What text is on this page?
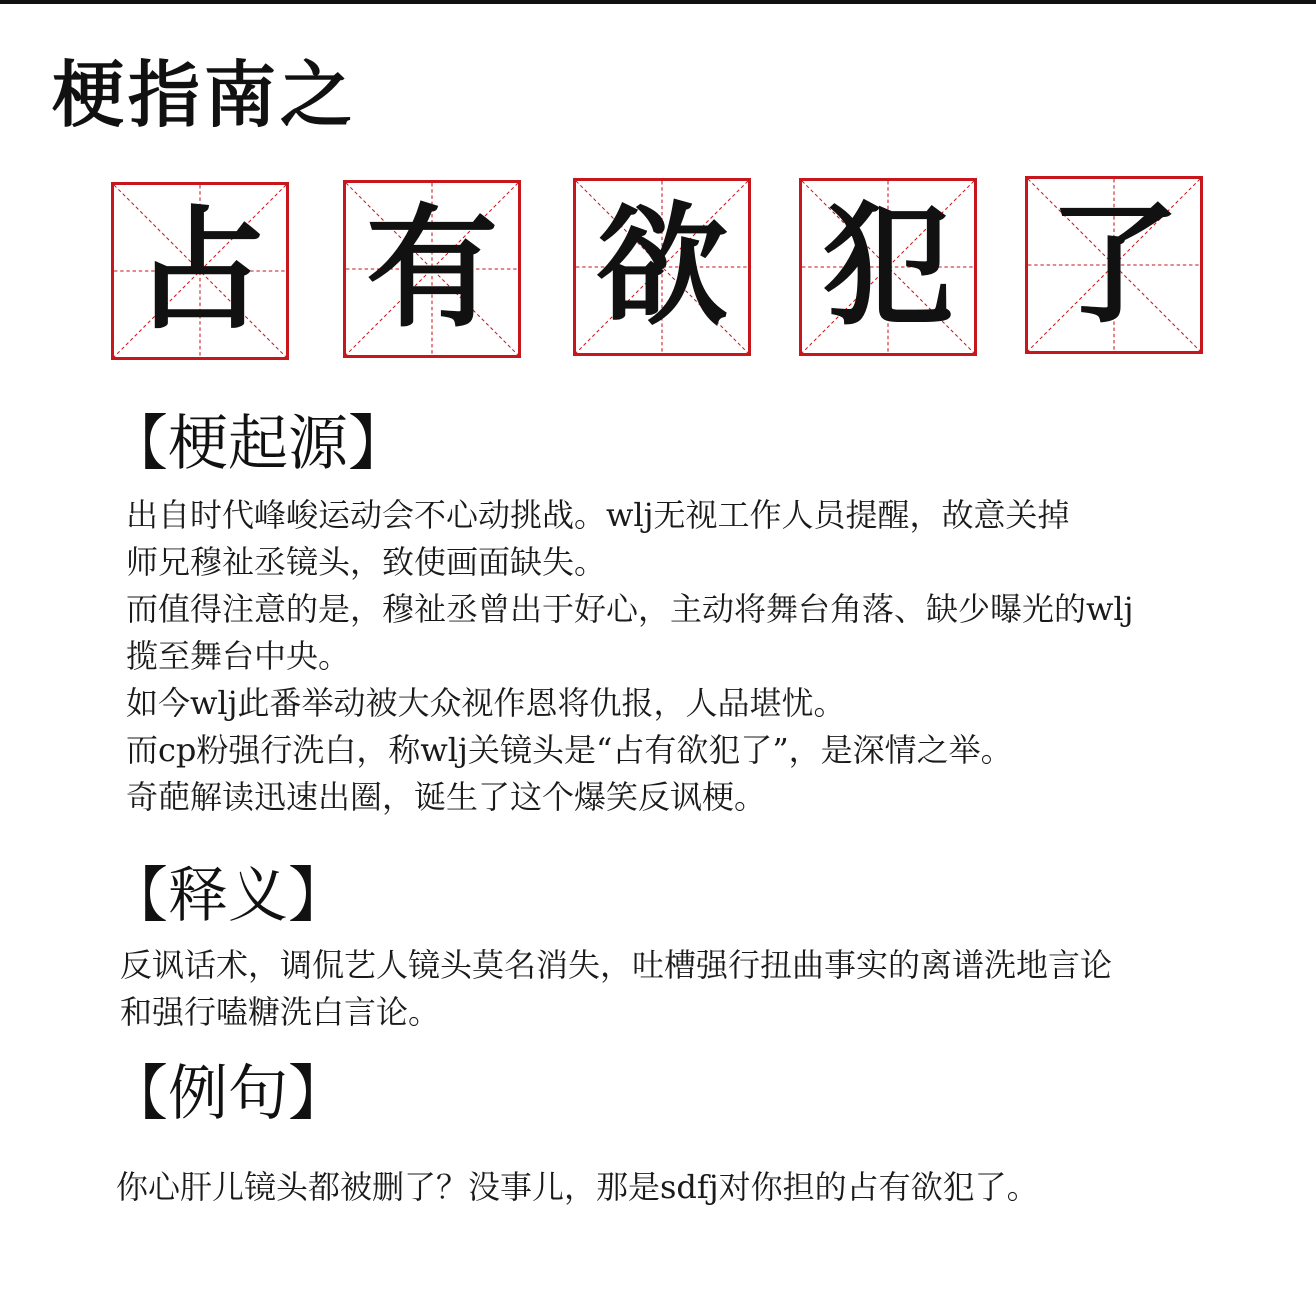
梗指南之
占 有 欲 犯 了
【梗起源】
出自时代峰峻运动会不心动挑战。wlj无视工作人员提醒，故意关掉
师兄穆祉丞镜头，致使画面缺失。
而值得注意的是，穆祉丞曾出于好心，主动将舞台角落、缺少曝光的wlj
揽至舞台中央。
如今wlj此番举动被大众视作恩将仇报，人品堪忧。
而cp粉强行洗白，称wlj关镜头是“占有欲犯了”，是深情之举。
奇葩解读迅速出圈，诞生了这个爆笑反讽梗。
【释义】
反讽话术，调侃艺人镜头莫名消失，吐槽强行扭曲事实的离谱洗地言论
和强行嗑糖洗白言论。
【例句】
你心肝儿镜头都被删了？没事儿，那是sdfj对你担的占有欲犯了。
